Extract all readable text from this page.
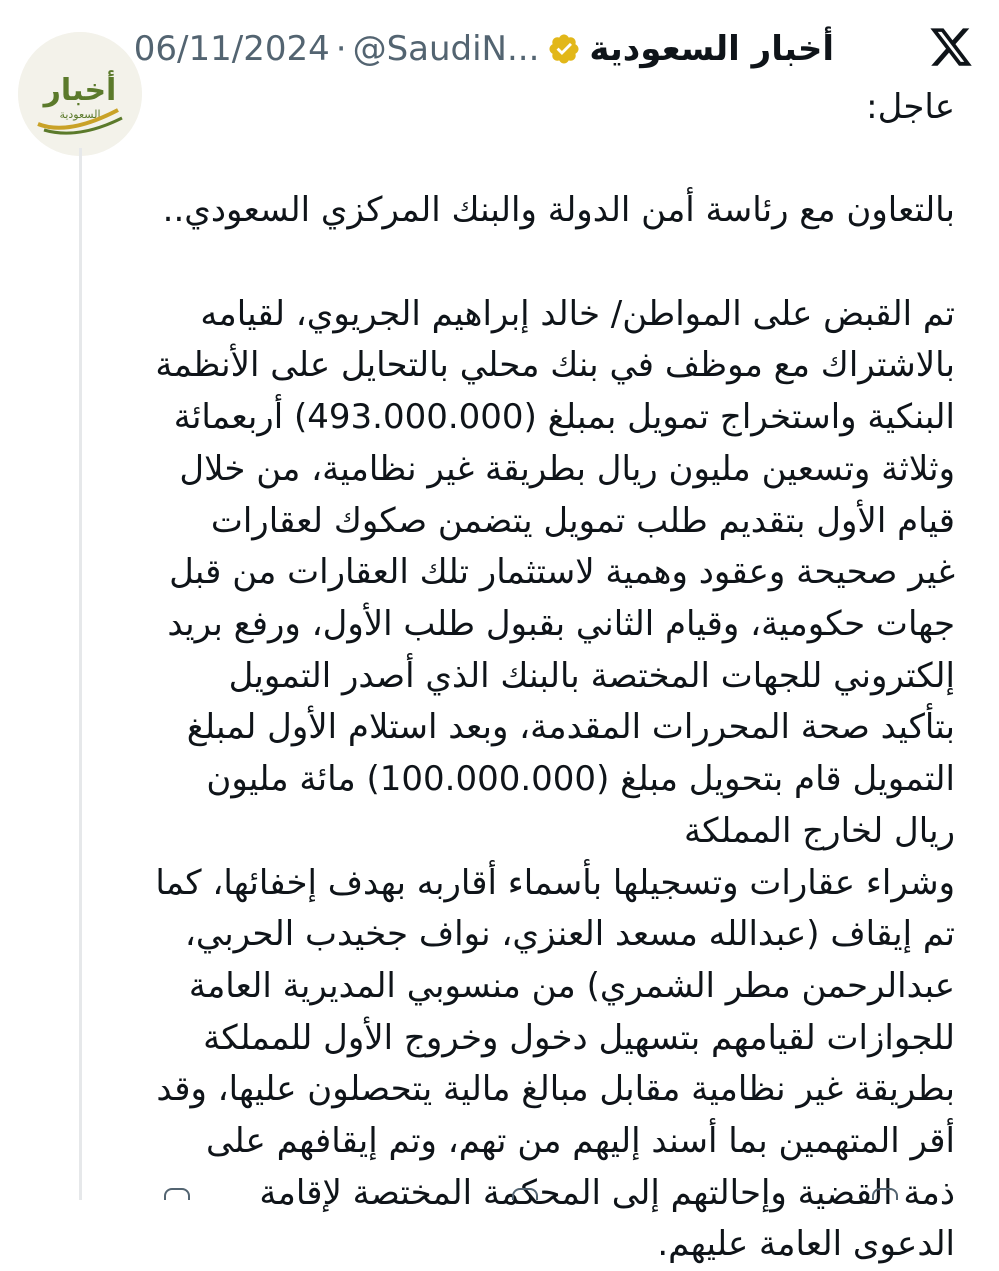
أخبار
السعودية
أخبار السعودية
@SaudiN...
·
06/11/2024

عاجل:

بالتعاون مع رئاسة أمن الدولة والبنك المركزي السعودي..

تم القبض على المواطن/ خالد إبراهيم الجريوي، لقيامه بالاشتراك مع موظف في بنك محلي بالتحايل على الأنظمة البنكية واستخراج تمويل بمبلغ (493.000.000) أربعمائة وثلاثة وتسعين مليون ريال بطريقة غير نظامية، من خلال قيام الأول بتقديم طلب تمويل يتضمن صكوك لعقارات غير صحيحة وعقود وهمية لاستثمار تلك العقارات من قبل جهات حكومية، وقيام الثاني بقبول طلب الأول، ورفع بريد إلكتروني للجهات المختصة بالبنك الذي أصدر التمويل بتأكيد صحة المحررات المقدمة، وبعد استلام الأول لمبلغ التمويل قام بتحويل مبلغ (100.000.000) مائة مليون ريال لخارج المملكة

وشراء عقارات وتسجيلها بأسماء أقاربه بهدف إخفائها، كما تم إيقاف (عبدالله مسعد العنزي، نواف جخيدب الحربي، عبدالرحمن مطر الشمري) من منسوبي المديرية العامة للجوازات لقيامهم بتسهيل دخول وخروج الأول للمملكة بطريقة غير نظامية مقابل مبالغ مالية يتحصلون عليها، وقد أقر المتهمين بما أسند إليهم من تهم، وتم إيقافهم على ذمة القضية وإحالتهم إلى المحكمة المختصة لإقامة الدعوى العامة عليهم.
